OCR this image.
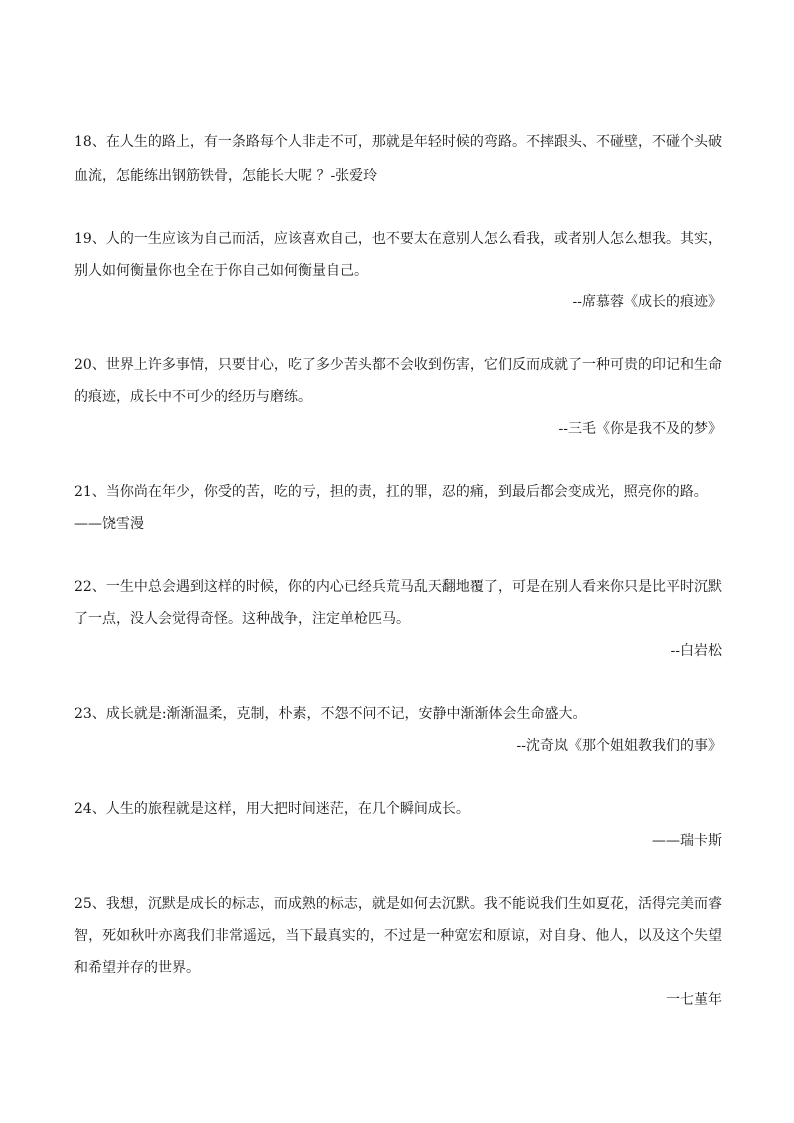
18、在人生的路上，有一条路每个人非走不可，那就是年轻时候的弯路。不摔跟头、不碰壁，不碰个头破
血流，怎能练出钢筋铁骨，怎能长大呢 ？-张爱玲
19、人的一生应该为自己而活，应该喜欢自己，也不要太在意别人怎么看我，或者别人怎么想我。其实，
别人如何衡量你也全在于你自己如何衡量自己。
--席慕蓉《成长的痕迹》
20、世界上许多事情，只要甘心，吃了多少苦头都不会收到伤害，它们反而成就了一种可贵的印记和生命
的痕迹，成长中不可少的经历与磨练。
--三毛《你是我不及的梦》
21、当你尚在年少，你受的苦，吃的亏，担的责，扛的罪，忍的痛，到最后都会变成光，照亮你的路。
——饶雪漫
22、一生中总会遇到这样的时候，你的内心已经兵荒马乱天翻地覆了，可是在别人看来你只是比平时沉默
了一点，没人会觉得奇怪。这种战争，注定单枪匹马。
--白岩松
23、成长就是:渐渐温柔，克制，朴素，不怨不问不记，安静中渐渐体会生命盛大。
--沈奇岚《那个姐姐教我们的事》
24、人生的旅程就是这样，用大把时间迷茫，在几个瞬间成长。
——瑞卡斯
25、我想，沉默是成长的标志，而成熟的标志，就是如何去沉默。我不能说我们生如夏花，活得完美而睿
智，死如秋叶亦离我们非常遥远，当下最真实的，不过是一种宽宏和原谅，对自身、他人，以及这个失望
和希望并存的世界。
一七堇年
